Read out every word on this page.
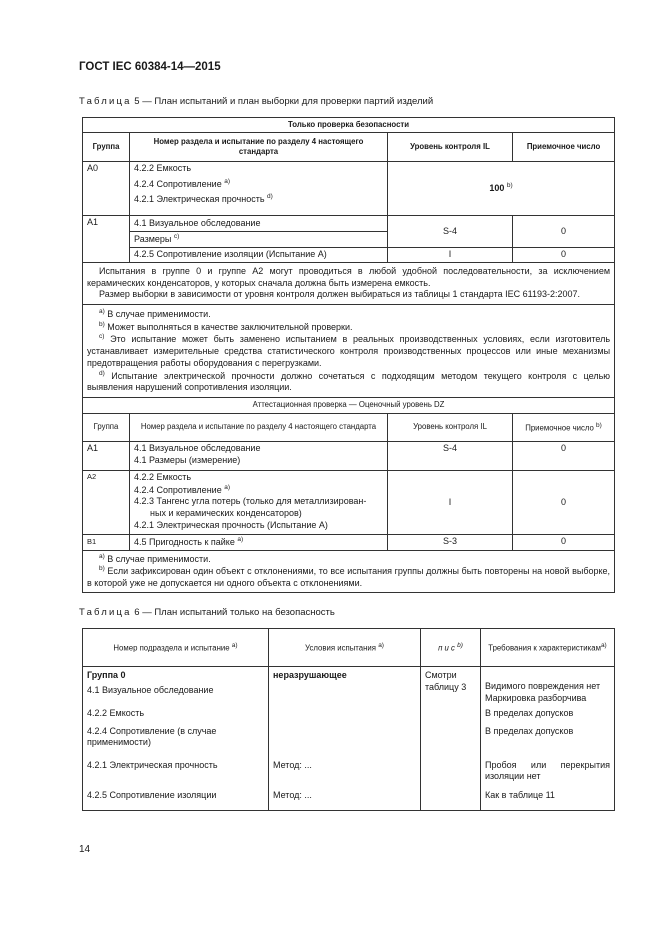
ГОСТ IEC 60384-14—2015
Таблица 5 — План испытаний и план выборки для проверки партий изделий
Только проверка безопасности			
Группа	Номер раздела и испытание по разделу 4 настоящего стандарта	Уровень контроля IL	Приемочное число
A0	4.2.2 Емкость
4.2.4 Сопротивление $^{a)}$
4.2.1 Электрическая прочность $^{d)}$	100 $^{b)}$
A1	4.1 Визуальное обследование	S-4	0
	Размеры $^{c)}$
	4.2.5 Сопротивление изоляции (Испытание А)	I	0

Испытания в группе 0 и группе А2 могут проводиться в любой удобной последовательности, за исключением керамических конденсаторов, у которых сначала должна быть измерена емкость.

Размер выборки в зависимости от уровня контроля должен выбираться из таблицы 1 стандарта IEC 61193-2:2007.			

$^{a)}$ В случае применимости.

$^{b)}$ Может выполняться в качестве заключительной проверки.

$^{c)}$ Это испытание может быть заменено испытанием в реальных производственных условиях, если изготовитель устанавливает измерительные средства статистического контроля производственных процессов или иные механизмы предотвращения работы оборудования с перегрузками.

$^{d)}$ Испытание электрической прочности должно сочетаться с подходящим методом текущего контроля с целью выявления нарушений сопротивления изоляции.			

Аттестационная проверка — Оценочный уровень DZ			
Группа	Номер раздела и испытание по разделу 4 настоящего стандарта	Уровень контроля IL	Приемочное число $^{b)}$
A1	4.1 Визуальное обследование
4.1 Размеры (измерение)	S-4	0
A2	4.2.2 Емкость
4.2.4 Сопротивление $^{a)}$
4.2.3 Тангенс угла потерь (только для металлизирован-
ных и керамических конденсаторов)
4.2.1 Электрическая прочность (Испытание А)	I	0
B1	4.5 Пригодность к пайке $^{a)}$	S-3	0

$^{a)}$ В случае применимости.

$^{b)}$ Если зафиксирован один объект с отклонениями, то все испытания группы должны быть повторены на новой выборке, в которой уже не допускается ни одного объекта с отклонениями.			

Таблица 6 — План испытаний только на безопасность
Номер подраздела и испытание $^{a)}$	Условия испытания $^{a)}$	п и с $^{b)}$	Требования к характеристикам$^{a)}$

Группа 0
4.1 Визуальное обследование	неразрушающее	Смотри таблицу 3	Видимого повреждения нет Маркировка разборчива
4.2.2 Емкость			В пределах допусков
4.2.4 Сопротивление (в случае применимости)			В пределах допусков
4.2.1 Электрическая прочность	Метод: ...		Пробоя или перекрытия изоляции нет
4.2.5 Сопротивление изоляции	Метод: ...		Как в таблице 11
14
